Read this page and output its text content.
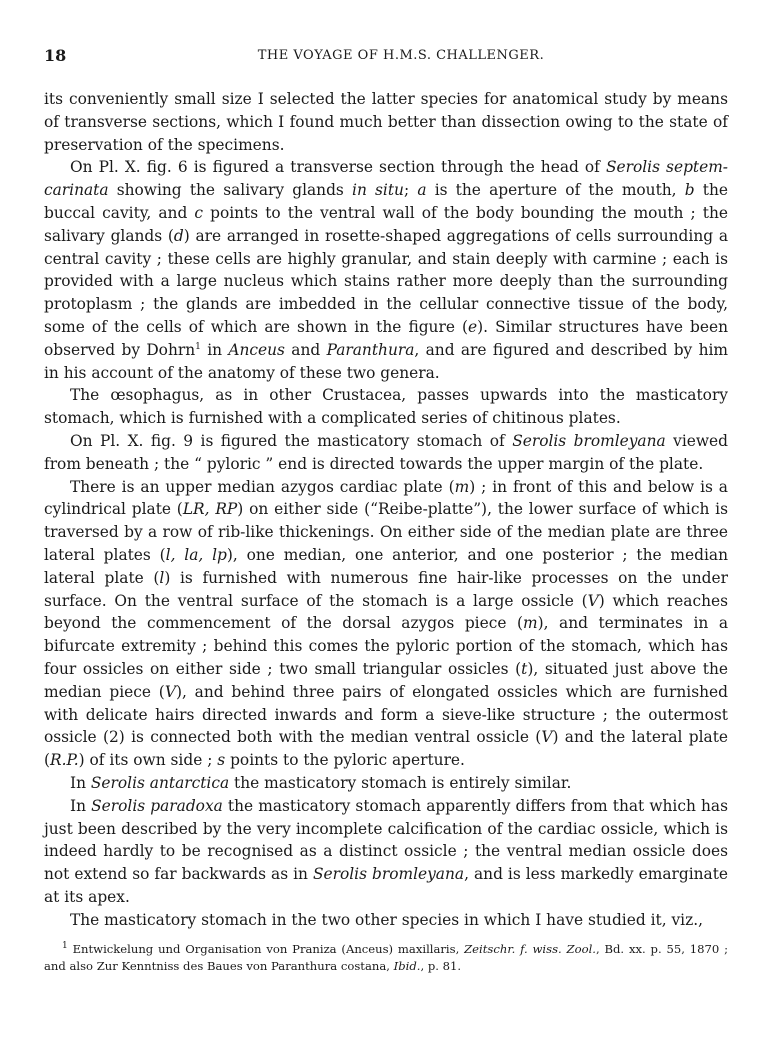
18	THE VOYAGE OF H.M.S. CHALLENGER.

its conveniently small size I selected the latter species for anatomical study by means of transverse sections, which I found much better than dissection owing to the state of preservation of the specimens.

On Pl. X. fig. 6 is figured a transverse section through the head of Serolis septem-carinata showing the salivary glands in situ; a is the aperture of the mouth, b the buccal cavity, and c points to the ventral wall of the body bounding the mouth ; the salivary glands (d) are arranged in rosette-shaped aggregations of cells surrounding a central cavity ; these cells are highly granular, and stain deeply with carmine ; each is provided with a large nucleus which stains rather more deeply than the surrounding protoplasm ; the glands are imbedded in the cellular connective tissue of the body, some of the cells of which are shown in the figure (e). Similar structures have been observed by Dohrn$^1$ in Anceus and Paranthura, and are figured and described by him in his account of the anatomy of these two genera.

The œsophagus, as in other Crustacea, passes upwards into the masticatory stomach, which is furnished with a complicated series of chitinous plates.

On Pl. X. fig. 9 is figured the masticatory stomach of Serolis bromleyana viewed from beneath ; the “ pyloric ” end is directed towards the upper margin of the plate.

There is an upper median azygos cardiac plate (m) ; in front of this and below is a cylindrical plate (LR, RP) on either side (“Reibe-platte”), the lower surface of which is traversed by a row of rib-like thickenings. On either side of the median plate are three lateral plates (l, la, lp), one median, one anterior, and one posterior ; the median lateral plate (l) is furnished with numerous fine hair-like processes on the under surface. On the ventral surface of the stomach is a large ossicle (V) which reaches beyond the commencement of the dorsal azygos piece (m), and terminates in a bifurcate extremity ; behind this comes the pyloric portion of the stomach, which has four ossicles on either side ; two small triangular ossicles (t), situated just above the median piece (V), and behind three pairs of elongated ossicles which are furnished with delicate hairs directed inwards and form a sieve-like structure ; the outermost ossicle (2) is connected both with the median ventral ossicle (V) and the lateral plate (R.P.) of its own side ; s points to the pyloric aperture.

In Serolis antarctica the masticatory stomach is entirely similar.

In Serolis paradoxa the masticatory stomach apparently differs from that which has just been described by the very incomplete calcification of the cardiac ossicle, which is indeed hardly to be recognised as a distinct ossicle ; the ventral median ossicle does not extend so far backwards as in Serolis bromleyana, and is less markedly emarginate at its apex.

The masticatory stomach in the two other species in which I have studied it, viz.,

$^1$ Entwickelung und Organisation von Praniza (Anceus) maxillaris, Zeitschr. f. wiss. Zool., Bd. xx. p. 55, 1870 ; and also Zur Kenntniss des Baues von Paranthura costana, Ibid., p. 81.
